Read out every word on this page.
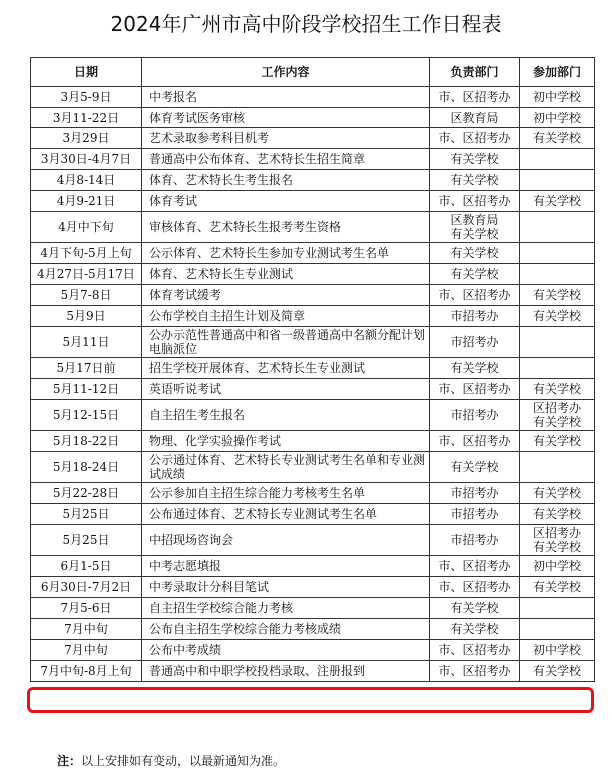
2024年广州市高中阶段学校招生工作日程表
日期	工作内容	负责部门	参加部门
3月5-9日	中考报名	市、区招考办	初中学校

3月11-22日	体育考试医务审核	区教育局	初中学校

3月29日	艺术录取参考科目机考	市、区招考办	有关学校

3月30日-4月7日	普通高中公布体育、艺术特长生招生简章	有关学校	

4月8-14日	体育、艺术特长生考生报名	有关学校	

4月9-21日	体育考试	市、区招考办	有关学校

4月中下旬	审核体育、艺术特长生报考考生资格	区教育局
有关学校	

4月下旬-5月上旬	公示体育、艺术特长生参加专业测试考生名单	有关学校	

4月27日-5月17日	体育、艺术特长生专业测试	有关学校	

5月7-8日	体育考试缓考	市、区招考办	有关学校

5月9日	公布学校自主招生计划及简章	市招考办	有关学校

5月11日	公办示范性普通高中和省一级普通高中名额分配计划电脑派位	市招考办	

5月17日前	招生学校开展体育、艺术特长生专业测试	有关学校	

5月11-12日	英语听说考试	市、区招考办	有关学校

5月12-15日	自主招生考生报名	市招考办	区招考办
有关学校

5月18-22日	物理、化学实验操作考试	市、区招考办	有关学校

5月18-24日	公示通过体育、艺术特长专业测试考生名单和专业测试成绩	有关学校	

5月22-28日	公示参加自主招生综合能力考核考生名单	市招考办	有关学校

5月25日	公布通过体育、艺术特长专业测试考生名单	市招考办	有关学校

5月25日	中招现场咨询会	市招考办	区招考办
有关学校

6月1-5日	中考志愿填报	市、区招考办	初中学校

6月30日-7月2日	中考录取计分科目笔试	市、区招考办	有关学校

7月5-6日	自主招生学校综合能力考核	有关学校	

7月中旬	公布自主招生学校综合能力考核成绩	有关学校	

7月中旬	公布中考成绩	市、区招考办	初中学校

7月中旬-8月上旬	普通高中和中职学校投档录取、注册报到	市、区招考办	有关学校
注：以上安排如有变动，以最新通知为准。
